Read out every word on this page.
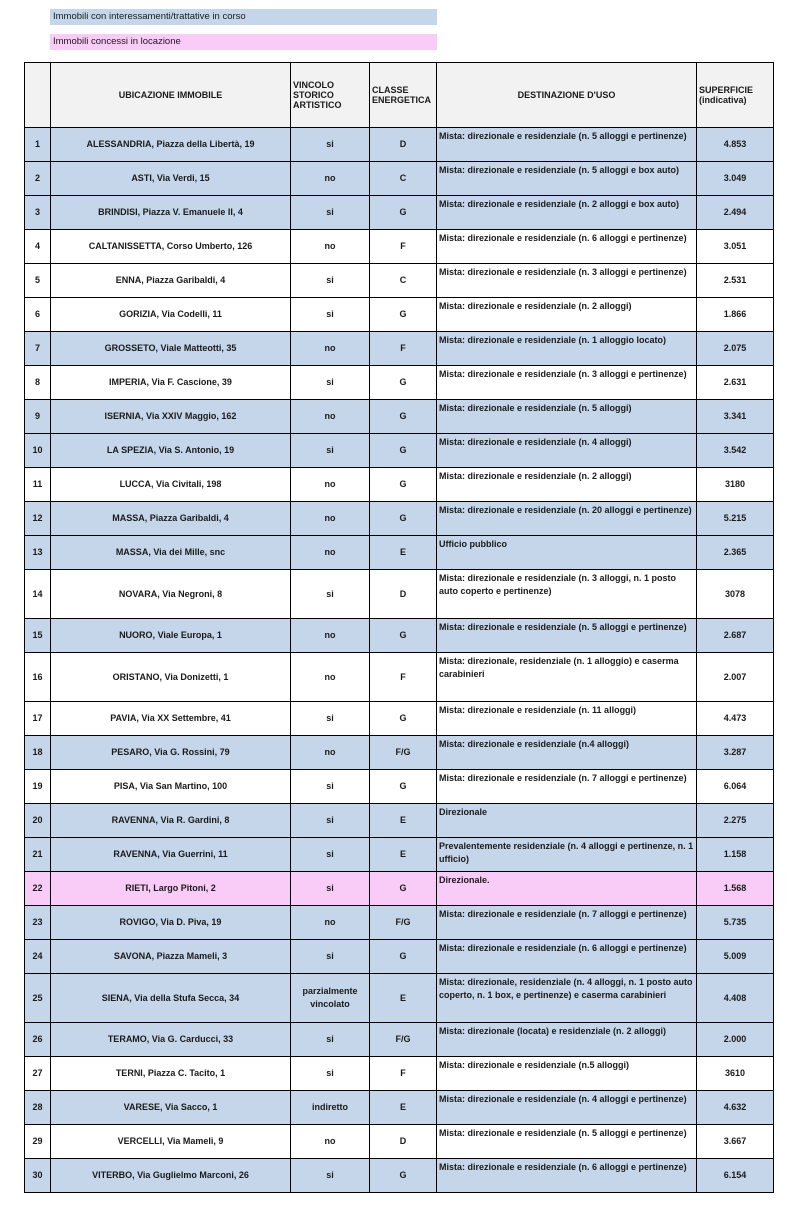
Immobili con interessamenti/trattative in corso
Immobili concessi in locazione
	UBICAZIONE IMMOBILE	VINCOLO STORICO ARTISTICO	CLASSE ENERGETICA	DESTINAZIONE D'USO	SUPERFICIE (indicativa)
1	ALESSANDRIA, Piazza della Libertà, 19	si	D	Mista: direzionale e residenziale (n. 5 alloggi e pertinenze)	4.853
2	ASTI, Via Verdi, 15	no	C	Mista: direzionale e residenziale (n. 5 alloggi e box auto)	3.049
3	BRINDISI, Piazza V. Emanuele II, 4	si	G	Mista: direzionale e residenziale (n. 2 alloggi e box auto)	2.494
4	CALTANISSETTA, Corso Umberto, 126	no	F	Mista: direzionale e residenziale (n. 6 alloggi e pertinenze)	3.051
5	ENNA, Piazza Garibaldi, 4	si	C	Mista: direzionale e residenziale (n. 3 alloggi e pertinenze)	2.531
6	GORIZIA, Via Codelli, 11	si	G	Mista: direzionale e residenziale (n. 2 alloggi)	1.866
7	GROSSETO, Viale Matteotti, 35	no	F	Mista: direzionale e residenziale (n. 1 alloggio locato)	2.075
8	IMPERIA, Via F. Cascione, 39	si	G	Mista: direzionale e residenziale (n. 3 alloggi e pertinenze)	2.631
9	ISERNIA, Via XXIV Maggio, 162	no	G	Mista: direzionale e residenziale (n. 5 alloggi)	3.341
10	LA SPEZIA, Via S. Antonio, 19	si	G	Mista: direzionale e residenziale (n. 4 alloggi)	3.542
11	LUCCA, Via Civitali, 198	no	G	Mista: direzionale e residenziale (n. 2 alloggi)	3180
12	MASSA, Piazza Garibaldi, 4	no	G	Mista: direzionale e residenziale (n. 20 alloggi e pertinenze)	5.215
13	MASSA, Via dei Mille, snc	no	E	Ufficio pubblico	2.365
14	NOVARA, Via Negroni, 8	si	D	Mista: direzionale e residenziale (n. 3 alloggi, n. 1 posto auto coperto e pertinenze)	3078
15	NUORO, Viale Europa, 1	no	G	Mista: direzionale e residenziale (n. 5 alloggi e pertinenze)	2.687
16	ORISTANO, Via Donizetti, 1	no	F	Mista: direzionale, residenziale (n. 1 alloggio) e caserma carabinieri	2.007
17	PAVIA, Via XX Settembre, 41	si	G	Mista: direzionale e residenziale (n. 11 alloggi)	4.473
18	PESARO, Via G. Rossini, 79	no	F/G	Mista: direzionale e residenziale (n.4 alloggi)	3.287
19	PISA, Via San Martino, 100	si	G	Mista: direzionale e residenziale (n. 7 alloggi e pertinenze)	6.064
20	RAVENNA, Via R. Gardini, 8	si	E	Direzionale	2.275
21	RAVENNA, Via Guerrini, 11	si	E	Prevalentemente residenziale (n. 4 alloggi e pertinenze, n. 1 ufficio)	1.158
22	RIETI, Largo Pitoni, 2	si	G	Direzionale.	1.568
23	ROVIGO, Via D. Piva, 19	no	F/G	Mista: direzionale e residenziale (n. 7 alloggi e pertinenze)	5.735
24	SAVONA, Piazza Mameli, 3	si	G	Mista: direzionale e residenziale (n. 6 alloggi e pertinenze)	5.009
25	SIENA, Via della Stufa Secca, 34	parzialmente vincolato	E	Mista: direzionale, residenziale (n. 4 alloggi, n. 1 posto auto coperto, n. 1 box, e pertinenze) e caserma carabinieri	4.408
26	TERAMO, Via G. Carducci, 33	si	F/G	Mista: direzionale (locata) e residenziale (n. 2 alloggi)	2.000
27	TERNI, Piazza C. Tacito, 1	si	F	Mista: direzionale e residenziale (n.5 alloggi)	3610
28	VARESE, Via Sacco, 1	indiretto	E	Mista: direzionale e residenziale (n. 4 alloggi e pertinenze)	4.632
29	VERCELLI, Via Mameli, 9	no	D	Mista: direzionale e residenziale (n. 5 alloggi e pertinenze)	3.667
30	VITERBO, Via Guglielmo Marconi, 26	si	G	Mista: direzionale e residenziale (n. 6 alloggi e pertinenze)	6.154
